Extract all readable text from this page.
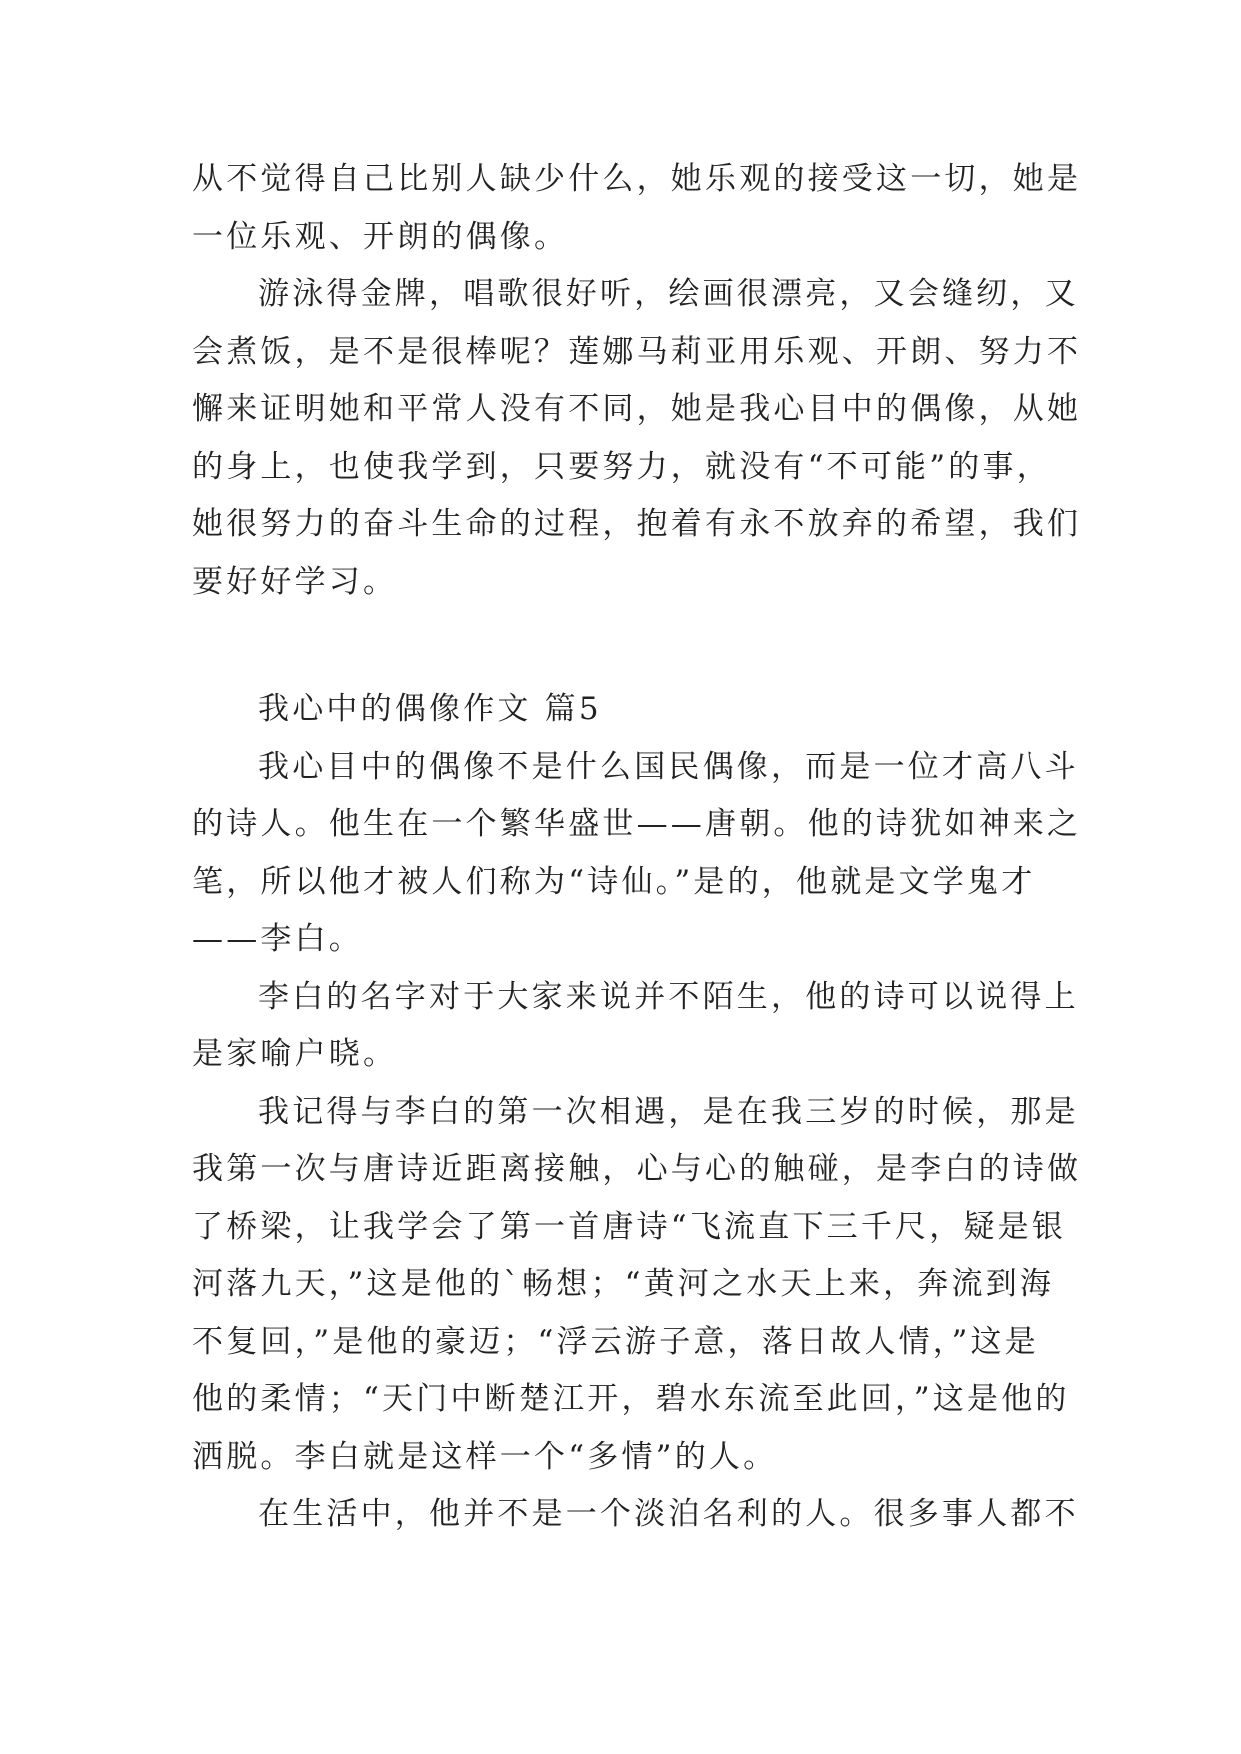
从不觉得自己比别人缺少什么，她乐观的接受这一切，她是
一位乐观、开朗的偶像。
游泳得金牌，唱歌很好听，绘画很漂亮，又会缝纫，又
会煮饭，是不是很棒呢？莲娜马莉亚用乐观、开朗、努力不
懈来证明她和平常人没有不同，她是我心目中的偶像，从她
的身上，也使我学到，只要努力，就没有“不可能”的事，
她很努力的奋斗生命的过程，抱着有永不放弃的希望，我们
要好好学习。
我心中的偶像作文 篇5
我心目中的偶像不是什么国民偶像，而是一位才高八斗
的诗人。他生在一个繁华盛世——唐朝。他的诗犹如神来之
笔，所以他才被人们称为“诗仙。”是的，他就是文学鬼才
——李白。
李白的名字对于大家来说并不陌生，他的诗可以说得上
是家喻户晓。
我记得与李白的第一次相遇，是在我三岁的时候，那是
我第一次与唐诗近距离接触，心与心的触碰，是李白的诗做
了桥梁，让我学会了第一首唐诗“飞流直下三千尺，疑是银
河落九天，”这是他的`畅想；“黄河之水天上来，奔流到海
不复回，”是他的豪迈；“浮云游子意，落日故人情，”这是
他的柔情；“天门中断楚江开，碧水东流至此回，”这是他的
洒脱。李白就是这样一个“多情”的人。
在生活中，他并不是一个淡泊名利的人。很多事人都不
